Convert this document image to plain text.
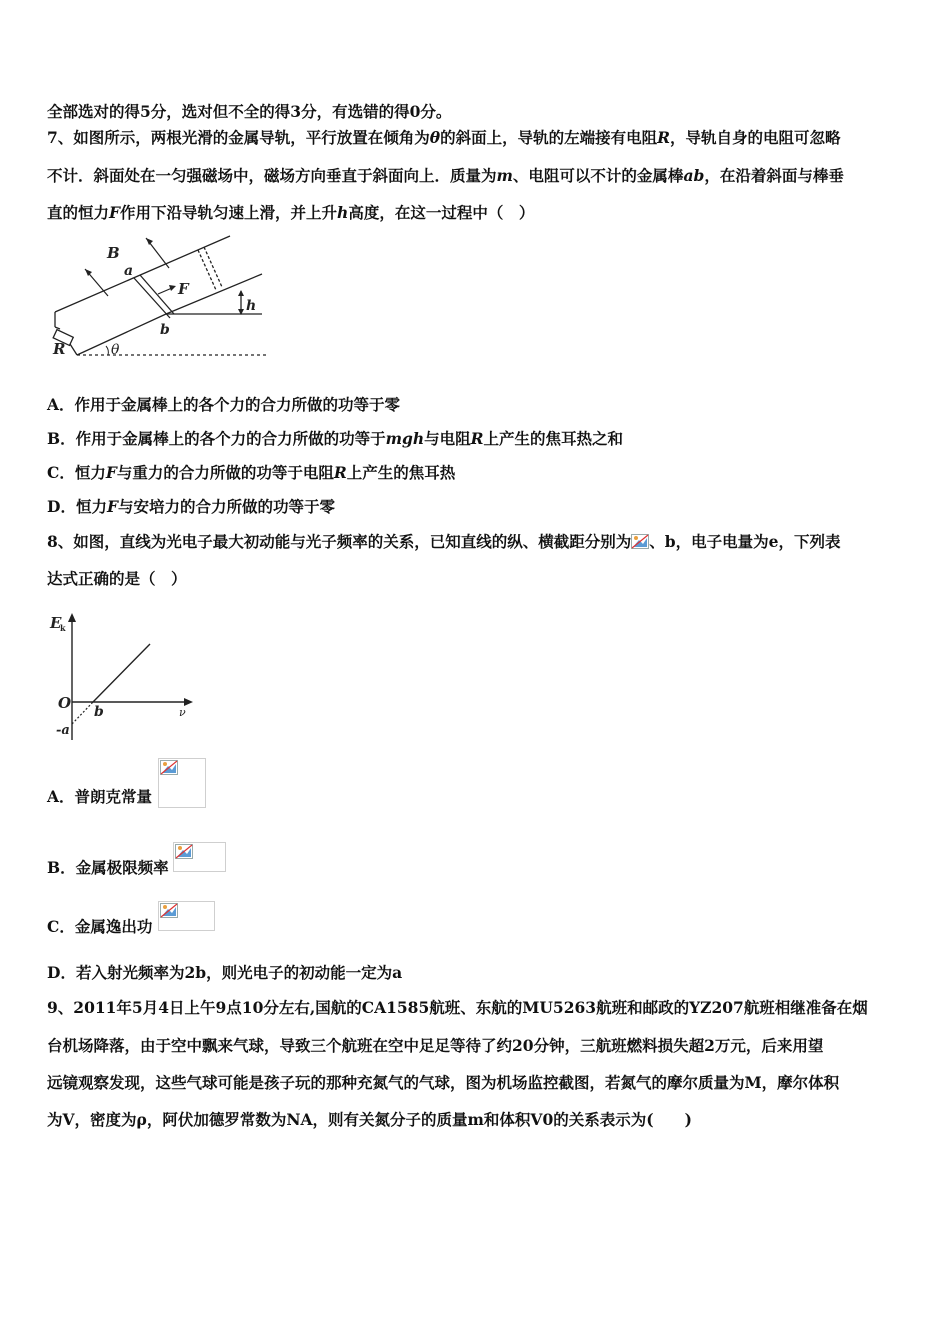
全部选对的得5分，选对但不全的得3分，有选错的得0分。
7、如图所示，两根光滑的金属导轨，平行放置在倾角为θ的斜面上，导轨的左端接有电阻R，导轨自身的电阻可忽略
不计．斜面处在一匀强磁场中，磁场方向垂直于斜面向上．质量为m、电阻可以不计的金属棒ab，在沿着斜面与棒垂
直的恒力F作用下沿导轨匀速上滑，并上升h高度，在这一过程中（　）
B
a
F
h
b
R	θ
A．作用于金属棒上的各个力的合力所做的功等于零
B．作用于金属棒上的各个力的合力所做的功等于mgh与电阻R上产生的焦耳热之和
C．恒力F与重力的合力所做的功等于电阻R上产生的焦耳热
D．恒力F与安培力的合力所做的功等于零
8、如图，直线为光电子最大初动能与光子频率的关系，已知直线的纵、横截距分别为 、b，电子电量为e，下列表
达式正确的是（　）
E
k
O b	ν
-a
A．普朗克常量
B．金属极限频率
C．金属逸出功
D．若入射光频率为2b，则光电子的初动能一定为a
9、2011年5月4日上午9点10分左右,国航的CA1585航班、东航的MU5263航班和邮政的YZ207航班相继准备在烟
台机场降落，由于空中飘来气球，导致三个航班在空中足足等待了约20分钟，三航班燃料损失超2万元，后来用望
远镜观察发现，这些气球可能是孩子玩的那种充氮气的气球，图为机场监控截图，若氮气的摩尔质量为M，摩尔体积
为V，密度为ρ，阿伏加德罗常数为NA，则有关氮分子的质量m和体积V0的关系表示为(　　)
